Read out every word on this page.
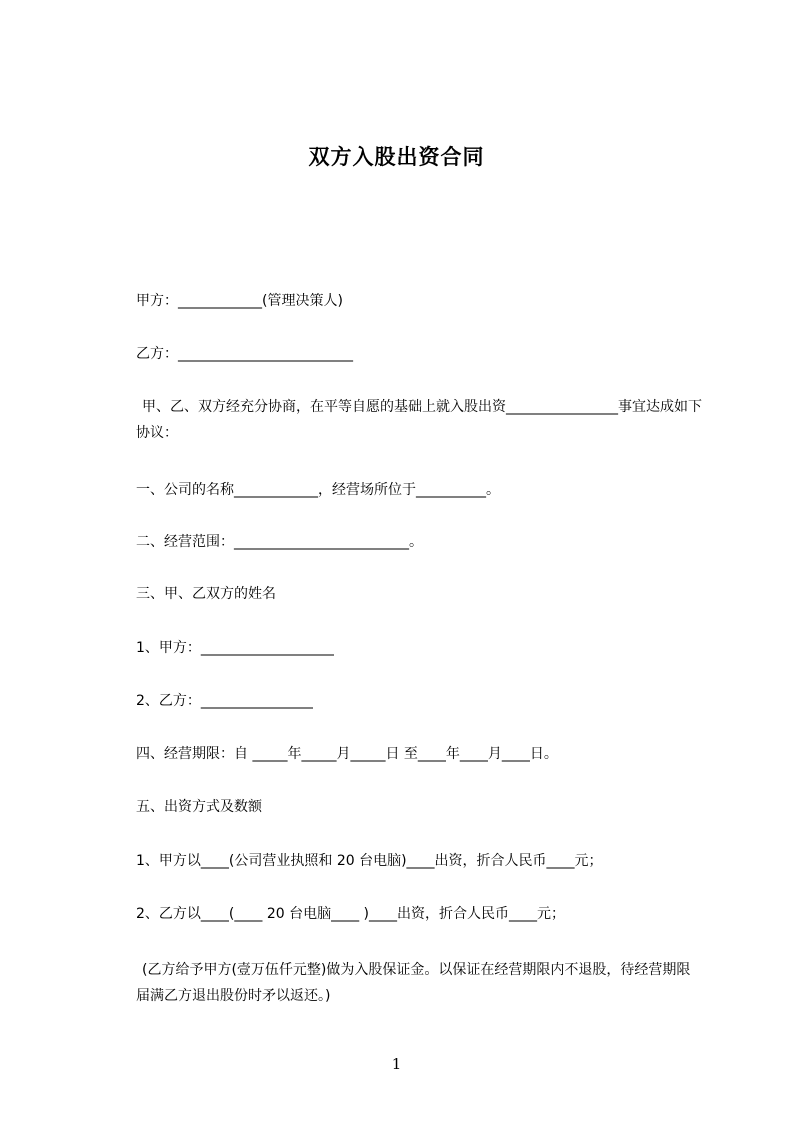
双方入股出资合同
甲方：____________(管理决策人)
乙方：_________________________
甲、乙、双方经充分协商，在平等自愿的基础上就入股出资________________事宜达成如下协议：
一、公司的名称____________，经营场所位于__________。
二、经营范围：_________________________。
三、甲、乙双方的姓名
1、甲方：___________________
2、乙方：________________
四、经营期限：自 _____年_____月_____日 至____年____月____日。
五、出资方式及数额
1、甲方以____(公司营业执照和 20 台电脑)____出资，折合人民币____元；
2、乙方以____(____ 20 台电脑____ )____出资，折合人民币____元；
(乙方给予甲方(壹万伍仟元整)做为入股保证金。以保证在经营期限内不退股，待经营期限届满乙方退出股份时矛以返还。)
1
